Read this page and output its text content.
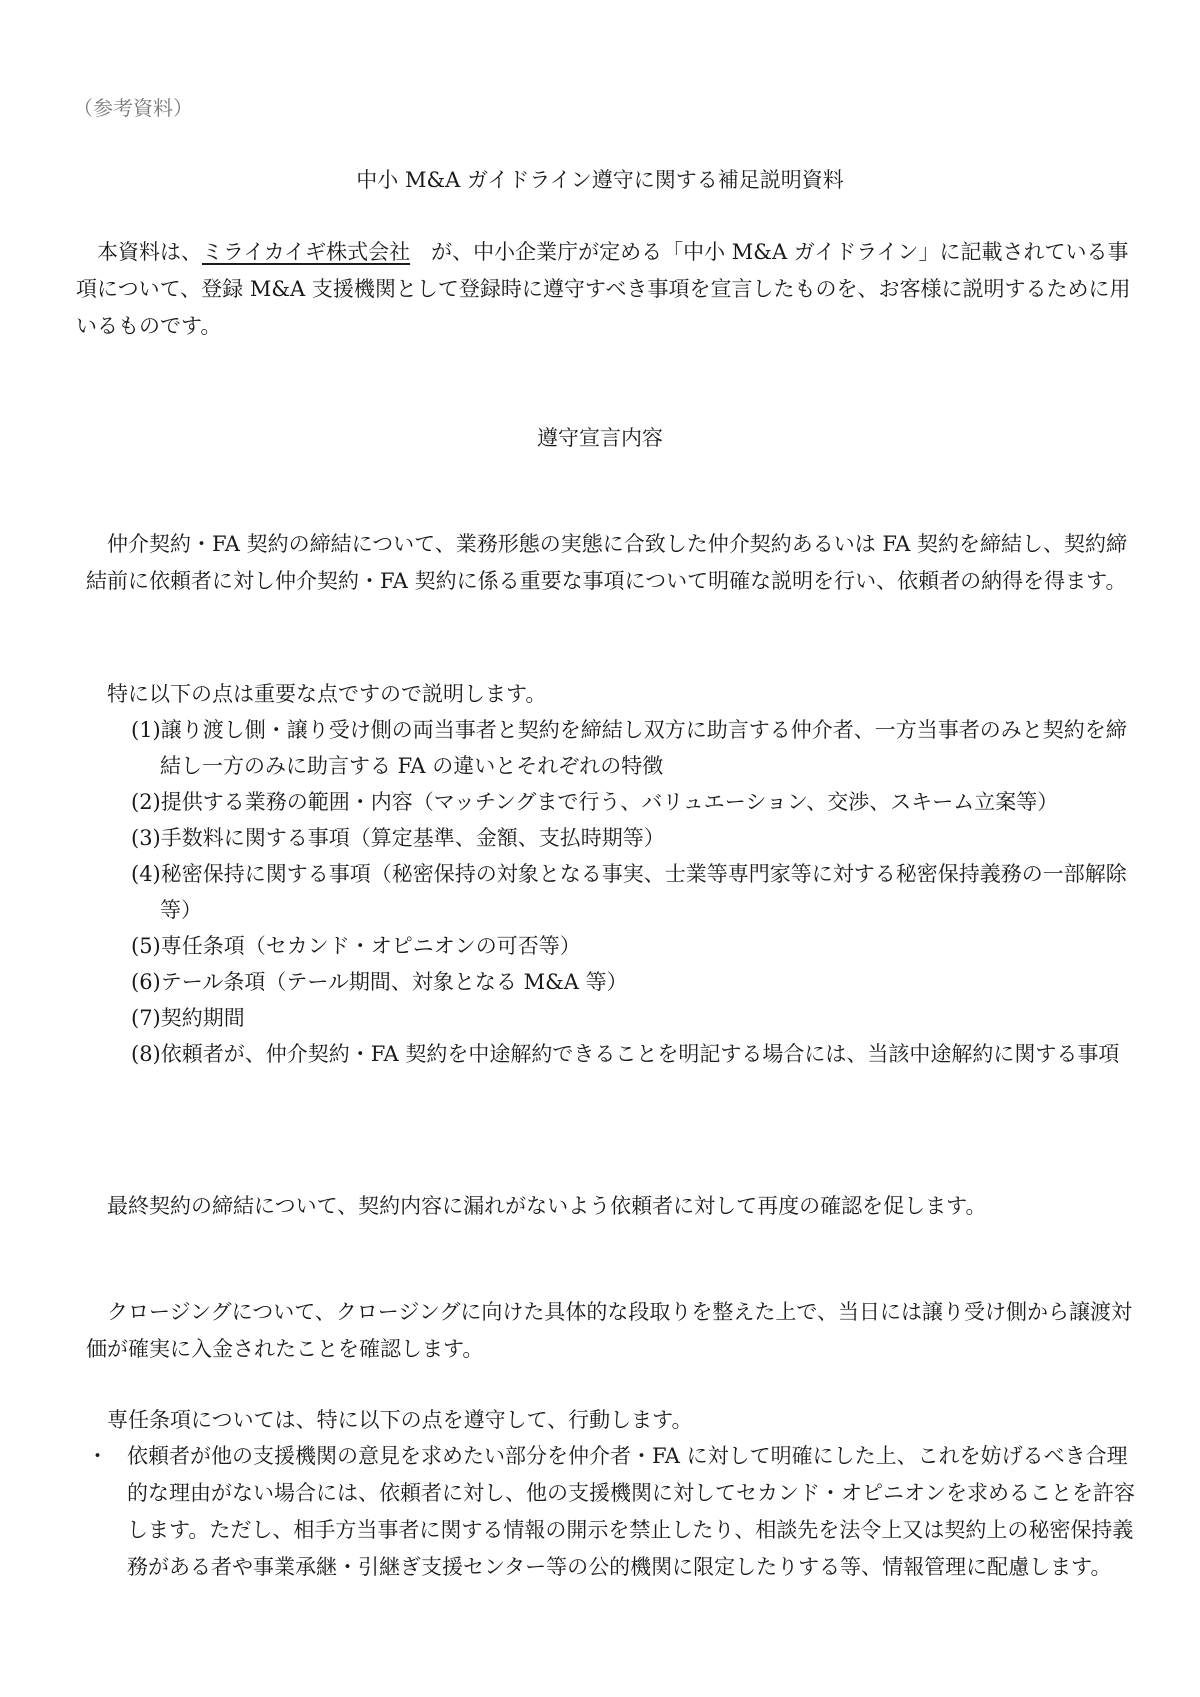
（参考資料）
中小 M&A ガイドライン遵守に関する補足説明資料
本資料は、ミライカイギ株式会社　が、中小企業庁が定める「中小 M&A ガイドライン」に記載されている事項について、登録 M&A 支援機関として登録時に遵守すべき事項を宣言したものを、お客様に説明するために用いるものです。
遵守宣言内容
仲介契約・FA 契約の締結について、業務形態の実態に合致した仲介契約あるいは FA 契約を締結し、契約締結前に依頼者に対し仲介契約・FA 契約に係る重要な事項について明確な説明を行い、依頼者の納得を得ます。
特に以下の点は重要な点ですので説明します。
(1)譲り渡し側・譲り受け側の両当事者と契約を締結し双方に助言する仲介者、一方当事者のみと契約を締結し一方のみに助言する FA の違いとそれぞれの特徴
(2)提供する業務の範囲・内容（マッチングまで行う、バリュエーション、交渉、スキーム立案等）
(3)手数料に関する事項（算定基準、金額、支払時期等）
(4)秘密保持に関する事項（秘密保持の対象となる事実、士業等専門家等に対する秘密保持義務の一部解除等）
(5)専任条項（セカンド・オピニオンの可否等）
(6)テール条項（テール期間、対象となる M&A 等）
(7)契約期間
(8)依頼者が、仲介契約・FA 契約を中途解約できることを明記する場合には、当該中途解約に関する事項
最終契約の締結について、契約内容に漏れがないよう依頼者に対して再度の確認を促します。
クロージングについて、クロージングに向けた具体的な段取りを整えた上で、当日には譲り受け側から譲渡対価が確実に入金されたことを確認します。
専任条項については、特に以下の点を遵守して、行動します。
・ 依頼者が他の支援機関の意見を求めたい部分を仲介者・FA に対して明確にした上、これを妨げるべき合理的な理由がない場合には、依頼者に対し、他の支援機関に対してセカンド・オピニオンを求めることを許容します。ただし、相手方当事者に関する情報の開示を禁止したり、相談先を法令上又は契約上の秘密保持義務がある者や事業承継・引継ぎ支援センター等の公的機関に限定したりする等、情報管理に配慮します。
